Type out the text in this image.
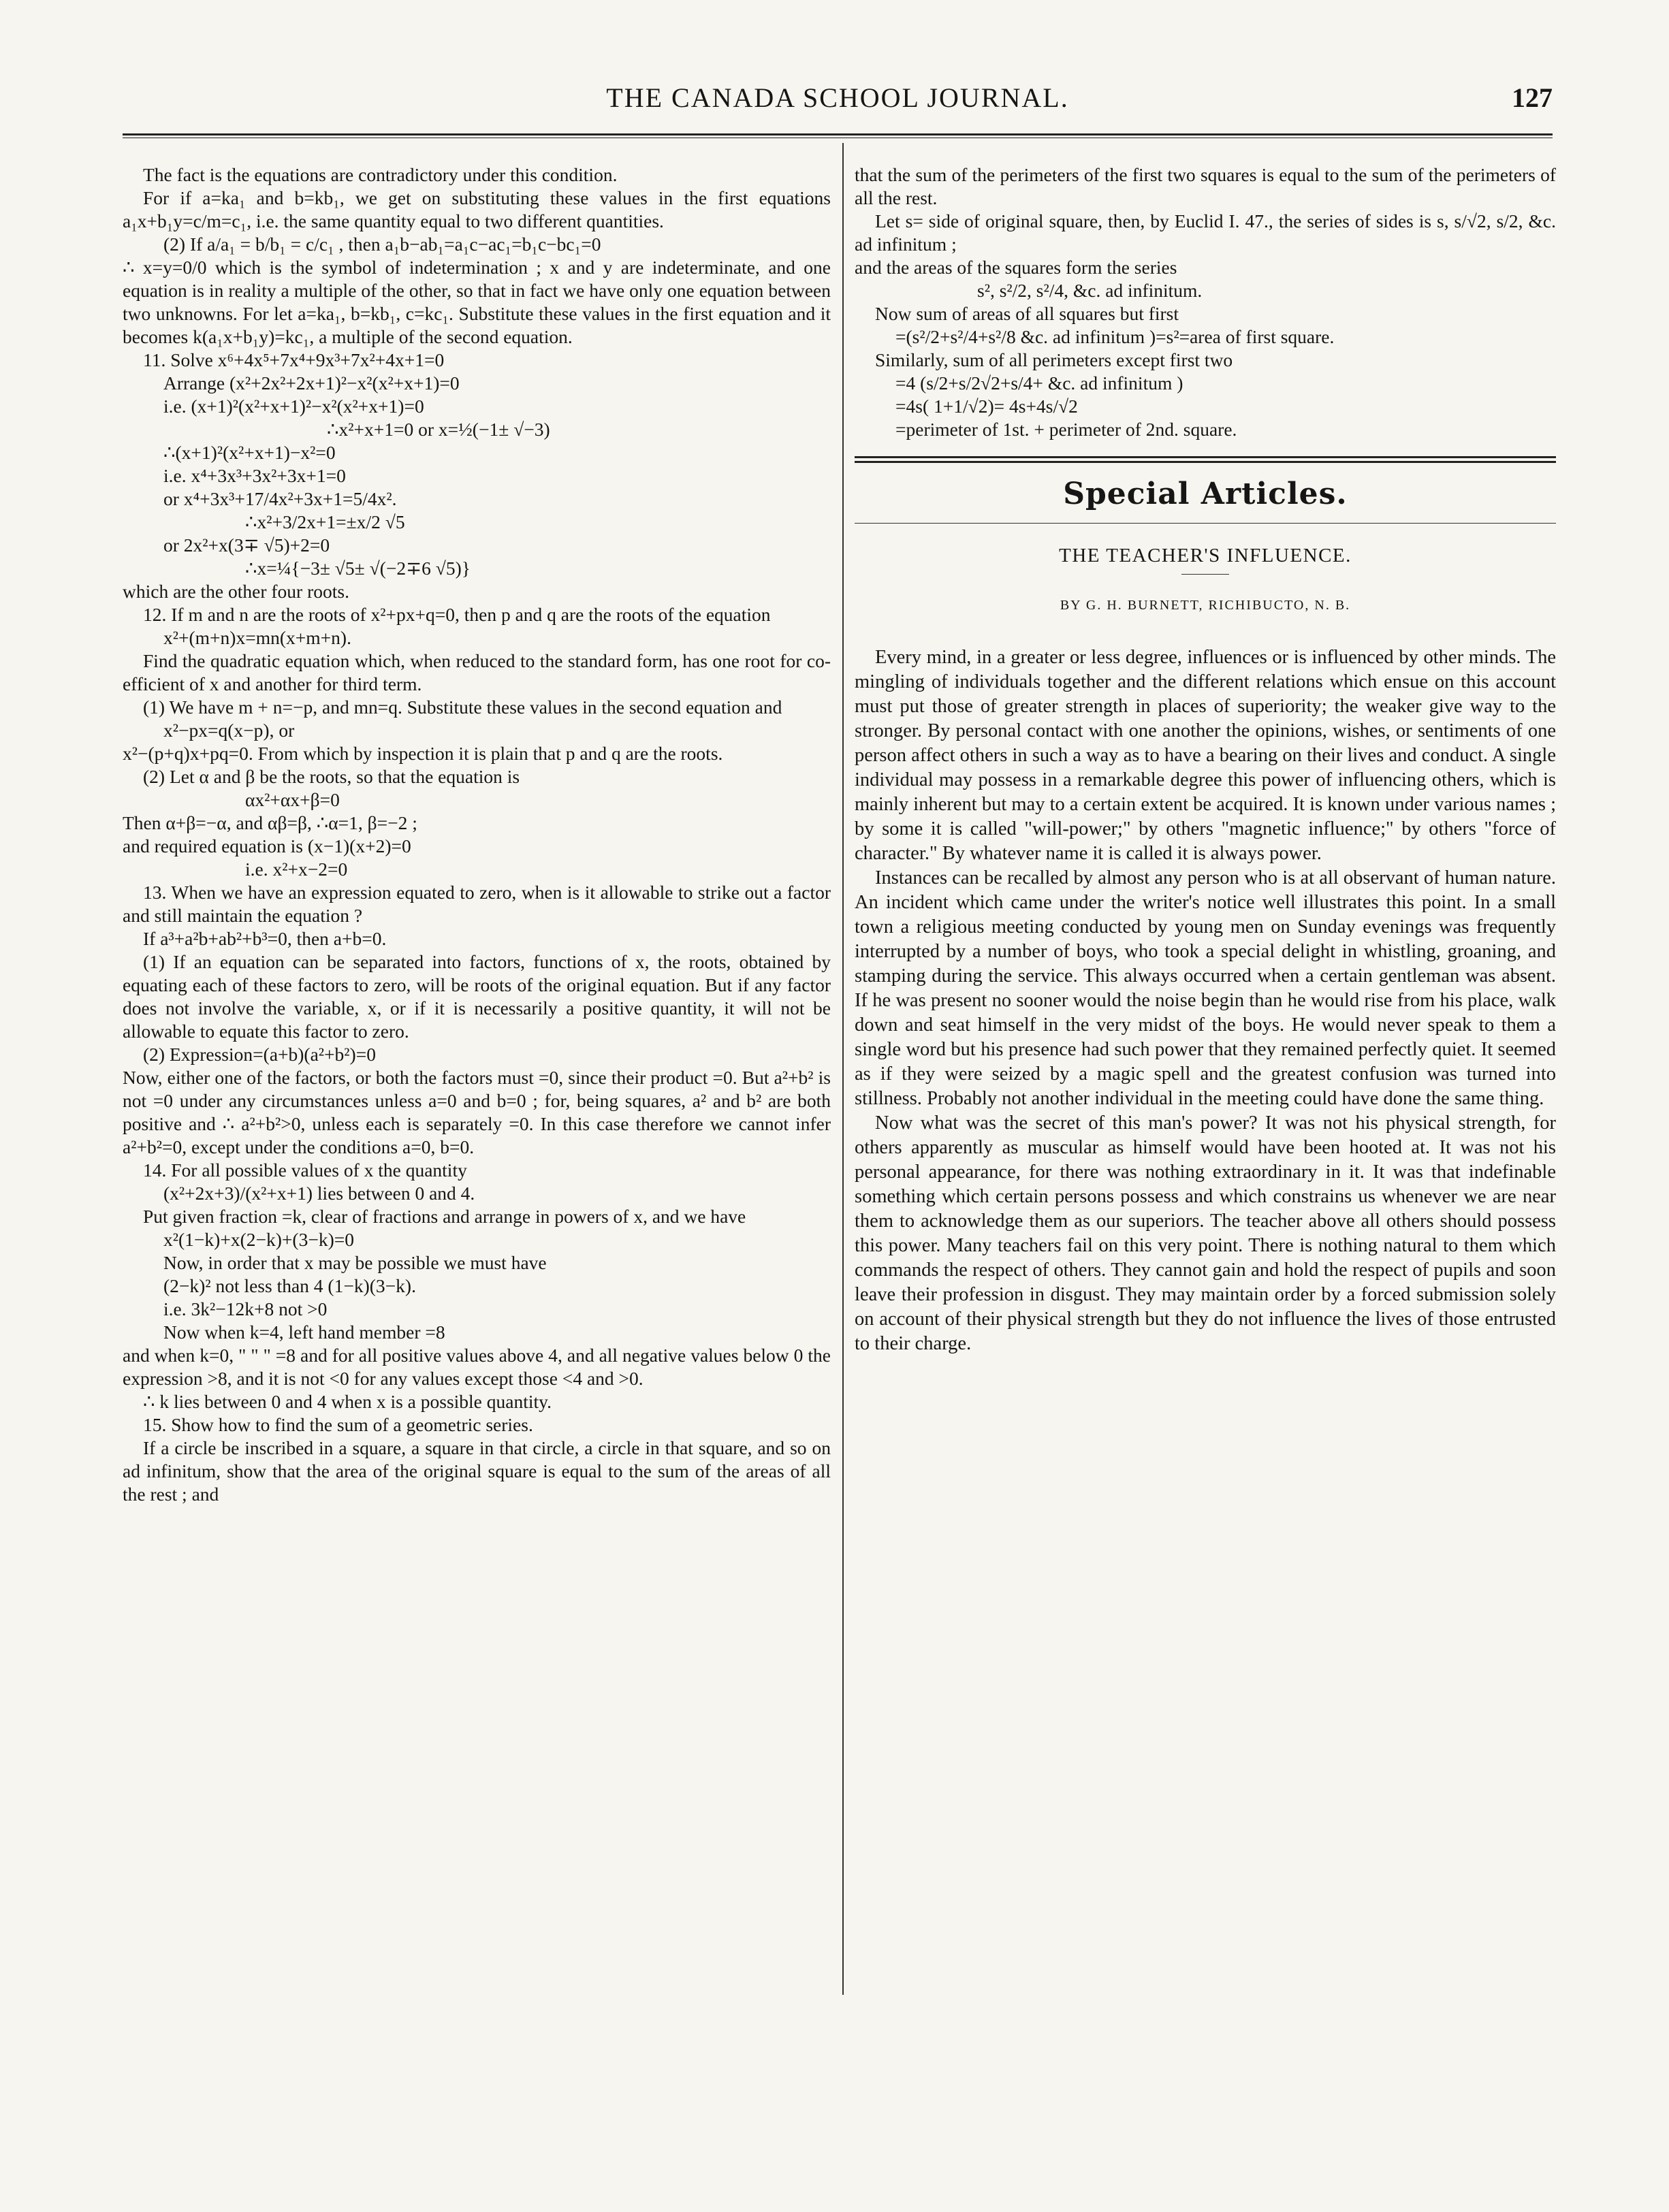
THE CANADA SCHOOL JOURNAL.	127

The fact is the equations are contradictory under this condition.

For if a=ka₁ and b=kb₁, we get on substituting these values in the first equations a₁x+b₁y=c/m=c₁, i.e. the same quantity equal to two different quantities.

(2) If a/a₁ = b/b₁ = c/c₁ , then a₁b−ab₁=a₁c−ac₁=b₁c−bc₁=0

∴ x=y=0/0 which is the symbol of indetermination ; x and y are indeterminate, and one equation is in reality a multiple of the other, so that in fact we have only one equation between two unknowns. For let a=ka₁, b=kb₁, c=kc₁. Substitute these values in the first equation and it becomes k(a₁x+b₁y)=kc₁, a multiple of the second equation.

11. Solve x⁶+4x⁵+7x⁴+9x³+7x²+4x+1=0

Arrange (x²+2x²+2x+1)²−x²(x²+x+1)=0

i.e. (x+1)²(x²+x+1)²−x²(x²+x+1)=0

∴x²+x+1=0 or x=½(−1± √−3)

∴(x+1)²(x²+x+1)−x²=0

i.e. x⁴+3x³+3x²+3x+1=0

or x⁴+3x³+17/4x²+3x+1=5/4x².

∴x²+3/2x+1=±x/2 √5

or 2x²+x(3∓ √5)+2=0

∴x=¼{−3± √5± √(−2∓6 √5)}

which are the other four roots.

12. If m and n are the roots of x²+px+q=0, then p and q are the roots of the equation

x²+(m+n)x=mn(x+m+n).

Find the quadratic equation which, when reduced to the standard form, has one root for co-efficient of x and another for third term.

(1) We have m + n=−p, and mn=q. Substitute these values in the second equation and

x²−px=q(x−p), or

x²−(p+q)x+pq=0. From which by inspection it is plain that p and q are the roots.

(2) Let α and β be the roots, so that the equation is

αx²+αx+β=0

Then α+β=−α, and αβ=β, ∴α=1, β=−2 ;

and required equation is (x−1)(x+2)=0

i.e. x²+x−2=0

13. When we have an expression equated to zero, when is it allowable to strike out a factor and still maintain the equation ?

If a³+a²b+ab²+b³=0, then a+b=0.

(1) If an equation can be separated into factors, functions of x, the roots, obtained by equating each of these factors to zero, will be roots of the original equation. But if any factor does not involve the variable, x, or if it is necessarily a positive quantity, it will not be allowable to equate this factor to zero.

(2) Expression=(a+b)(a²+b²)=0

Now, either one of the factors, or both the factors must =0, since their product =0. But a²+b² is not =0 under any circumstances unless a=0 and b=0 ; for, being squares, a² and b² are both positive and ∴ a²+b²>0, unless each is separately =0. In this case therefore we cannot infer a²+b²=0, except under the conditions a=0, b=0.

14. For all possible values of x the quantity

(x²+2x+3)/(x²+x+1) lies between 0 and 4.

Put given fraction =k, clear of fractions and arrange in powers of x, and we have

x²(1−k)+x(2−k)+(3−k)=0

Now, in order that x may be possible we must have

(2−k)² not less than 4 (1−k)(3−k).

i.e. 3k²−12k+8 not >0

Now when k=4, left hand member =8

and when k=0, " " " =8 and for all positive values above 4, and all negative values below 0 the expression >8, and it is not <0 for any values except those <4 and >0.

∴ k lies between 0 and 4 when x is a possible quantity.

15. Show how to find the sum of a geometric series.

If a circle be inscribed in a square, a square in that circle, a circle in that square, and so on ad infinitum, show that the area of the original square is equal to the sum of the areas of all the rest ; and

that the sum of the perimeters of the first two squares is equal to the sum of the perimeters of all the rest.

Let s= side of original square, then, by Euclid I. 47., the series of sides is s, s/√2, s/2, &c. ad infinitum ;

and the areas of the squares form the series

s², s²/2, s²/4, &c. ad infinitum.

Now sum of areas of all squares but first

=(s²/2+s²/4+s²/8 &c. ad infinitum )=s²=area of first square.

Similarly, sum of all perimeters except first two

=4 (s/2+s/2√2+s/4+ &c. ad infinitum )

=4s( 1+1/√2)= 4s+4s/√2

=perimeter of 1st. + perimeter of 2nd. square.

Special Articles.
THE TEACHER'S INFLUENCE.
BY G. H. BURNETT, RICHIBUCTO, N. B.

Every mind, in a greater or less degree, influences or is influenced by other minds. The mingling of individuals together and the different relations which ensue on this account must put those of greater strength in places of superiority; the weaker give way to the stronger. By personal contact with one another the opinions, wishes, or sentiments of one person affect others in such a way as to have a bearing on their lives and conduct. A single individual may possess in a remarkable degree this power of influencing others, which is mainly inherent but may to a certain extent be acquired. It is known under various names ; by some it is called "will-power;" by others "magnetic influence;" by others "force of character." By whatever name it is called it is always power.

Instances can be recalled by almost any person who is at all observant of human nature. An incident which came under the writer's notice well illustrates this point. In a small town a religious meeting conducted by young men on Sunday evenings was frequently interrupted by a number of boys, who took a special delight in whistling, groaning, and stamping during the service. This always occurred when a certain gentleman was absent. If he was present no sooner would the noise begin than he would rise from his place, walk down and seat himself in the very midst of the boys. He would never speak to them a single word but his presence had such power that they remained perfectly quiet. It seemed as if they were seized by a magic spell and the greatest confusion was turned into stillness. Probably not another individual in the meeting could have done the same thing.

Now what was the secret of this man's power? It was not his physical strength, for others apparently as muscular as himself would have been hooted at. It was not his personal appearance, for there was nothing extraordinary in it. It was that indefinable something which certain persons possess and which constrains us whenever we are near them to acknowledge them as our superiors. The teacher above all others should possess this power. Many teachers fail on this very point. There is nothing natural to them which commands the respect of others. They cannot gain and hold the respect of pupils and soon leave their profession in disgust. They may maintain order by a forced submission solely on account of their physical strength but they do not influence the lives of those entrusted to their charge.
